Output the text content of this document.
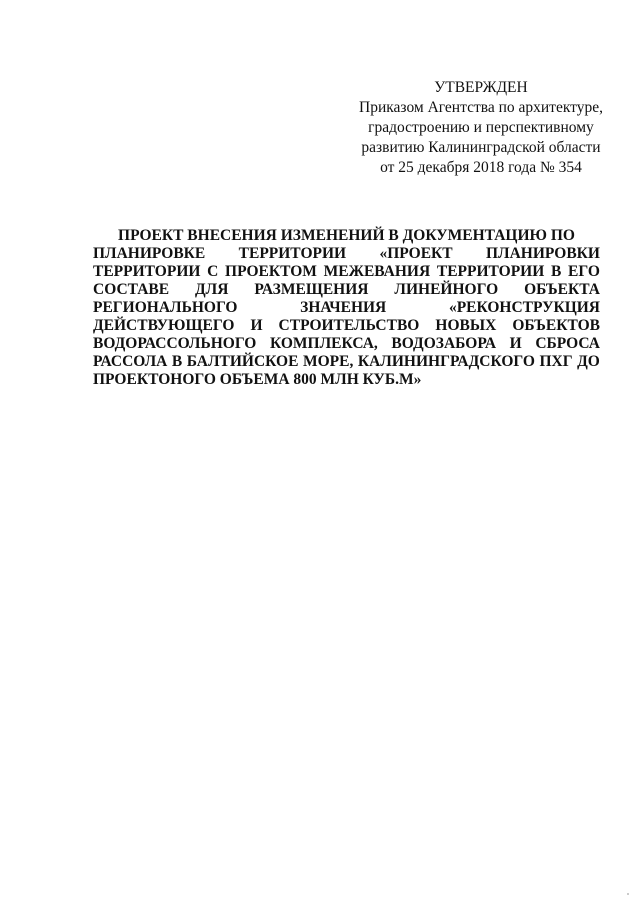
УТВЕРЖДЕН
Приказом Агентства по архитектуре,
градостроению и перспективному
развитию Калининградской области
от 25 декабря 2018 года № 354
ПРОЕКТ ВНЕСЕНИЯ ИЗМЕНЕНИЙ В ДОКУМЕНТАЦИЮ ПО
ПЛАНИРОВКЕ ТЕРРИТОРИИ «ПРОЕКТ ПЛАНИРОВКИ
ТЕРРИТОРИИ С ПРОЕКТОМ МЕЖЕВАНИЯ ТЕРРИТОРИИ В ЕГО
СОСТАВЕ ДЛЯ РАЗМЕЩЕНИЯ ЛИНЕЙНОГО ОБЪЕКТА
РЕГИОНАЛЬНОГО	ЗНАЧЕНИЯ	«РЕКОНСТРУКЦИЯ
ДЕЙСТВУЮЩЕГО И СТРОИТЕЛЬСТВО НОВЫХ ОБЪЕКТОВ
ВОДОРАССОЛЬНОГО КОМПЛЕКСА, ВОДОЗАБОРА И СБРОСА
РАССОЛА В БАЛТИЙСКОЕ МОРЕ, КАЛИНИНГРАДСКОГО ПХГ ДО
ПРОЕКТОНОГО ОБЪЕМА 800 МЛН КУБ.М»
